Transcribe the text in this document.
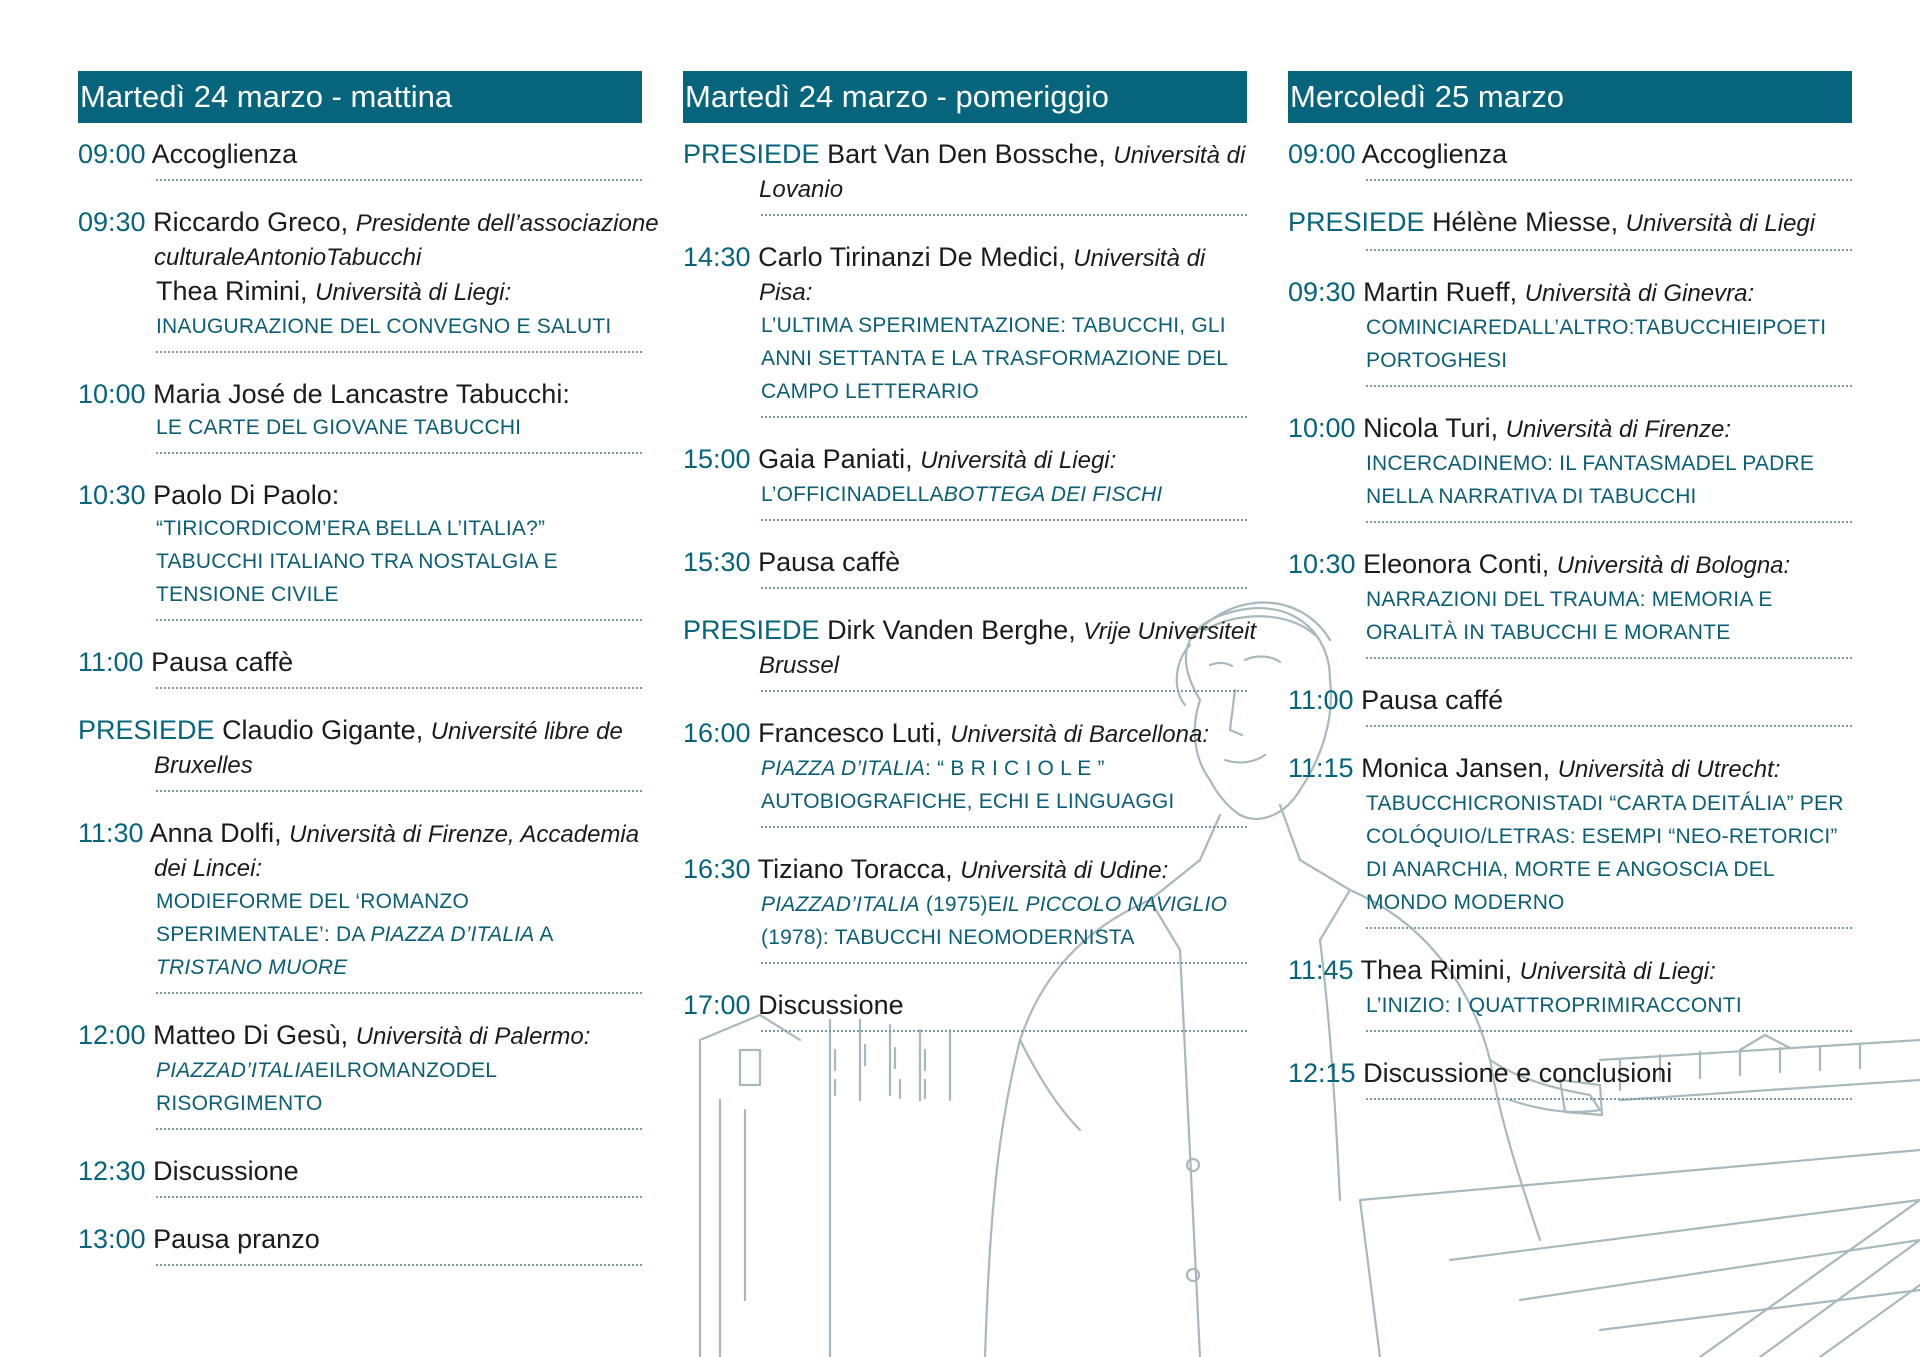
Martedì 24 marzo - mattina
09:00 Accoglienza
09:30 Riccardo Greco, Presidente dell’associazione
culturaleAntonioTabucchi
Thea Rimini, Università di Liegi:
INAUGURAZIONE DEL CONVEGNO E SALUTI
10:00 Maria José de Lancastre Tabucchi:
LE CARTE DEL GIOVANE TABUCCHI
10:30 Paolo Di Paolo:
“TIRICORDICOM’ERA BELLA L’ITALIA?” TABUCCHI ITALIANO TRA NOSTALGIA E TENSIONE CIVILE
11:00 Pausa caffè
PRESIEDE Claudio Gigante, Université libre de
Bruxelles
11:30 Anna Dolfi, Università di Firenze, Accademia
dei Lincei:
MODIEFORME DEL ‘ROMANZO SPERIMENTALE’: DA PIAZZA D’ITALIA A TRISTANO MUORE
12:00 Matteo Di Gesù, Università di Palermo:
PIAZZAD’ITALIAEILROMANZODEL RISORGIMENTO
12:30 Discussione
13:00 Pausa pranzo
Martedì 24 marzo - pomeriggio
PRESIEDE Bart Van Den Bossche, Università di
Lovanio
14:30 Carlo Tirinanzi De Medici, Università di
Pisa:
L’ULTIMA SPERIMENTAZIONE: TABUCCHI, GLI ANNI SETTANTA E LA TRASFORMAZIONE DEL CAMPO LETTERARIO
15:00 Gaia Paniati, Università di Liegi:
L’OFFICINADELLABOTTEGA DEI FISCHI
15:30 Pausa caffè
PRESIEDE Dirk Vanden Berghe, Vrije Universiteit
Brussel
16:00 Francesco Luti, Università di Barcellona:
PIAZZA D’ITALIA: “ B R I C I O L E ” AUTOBIOGRAFICHE, ECHI E LINGUAGGI
16:30 Tiziano Toracca, Università di Udine:
PIAZZAD’ITALIA (1975)EIL PICCOLO NAVIGLIO (1978): TABUCCHI NEOMODERNISTA
17:00 Discussione
Mercoledì 25 marzo
09:00 Accoglienza
PRESIEDE Hélène Miesse, Università di Liegi
09:30 Martin Rueff, Università di Ginevra:
COMINCIAREDALL’ALTRO:TABUCCHIEIPOETI PORTOGHESI
10:00 Nicola Turi, Università di Firenze:
INCERCADINEMO: IL FANTASMADEL PADRE NELLA NARRATIVA DI TABUCCHI
10:30 Eleonora Conti, Università di Bologna:
NARRAZIONI DEL TRAUMA: MEMORIA E ORALITÀ IN TABUCCHI E MORANTE
11:00 Pausa caffé
11:15 Monica Jansen, Università di Utrecht:
TABUCCHICRONISTADI “CARTA DEITÁLIA” PER COLÓQUIO/LETRAS: ESEMPI “NEO-RETORICI” DI ANARCHIA, MORTE E ANGOSCIA DEL MONDO MODERNO
11:45 Thea Rimini, Università di Liegi:
L’INIZIO: I QUATTROPRIMIRACCONTI
12:15 Discussione e conclusioni
